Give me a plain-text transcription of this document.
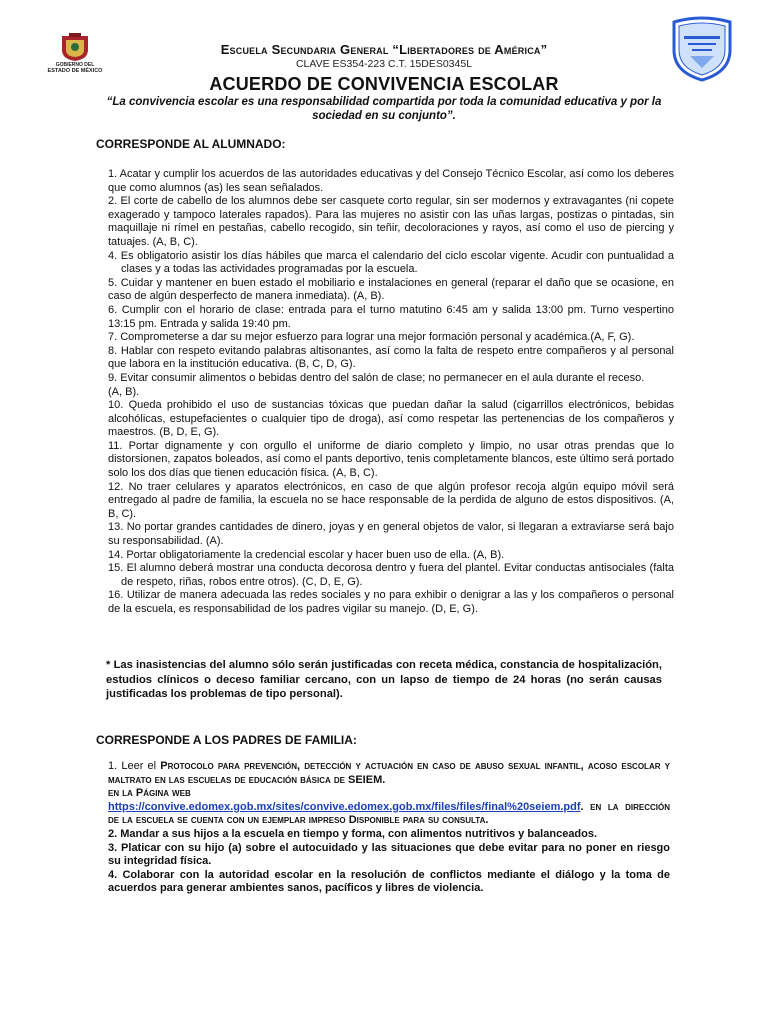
GOBIERNO DEL
ESTADO DE MÉXICO
Escuela Secundaria General “Libertadores de América”
CLAVE ES354-223 C.T. 15DES0345L
ACUERDO DE CONVIVENCIA ESCOLAR
“La convivencia escolar es una responsabilidad compartida por toda la comunidad educativa y por la sociedad en su conjunto”.
CORRESPONDE AL ALUMNADO:

1. Acatar y cumplir los acuerdos de las autoridades educativas y del Consejo Técnico Escolar, así como los deberes que como alumnos (as) les sean señalados.

2. El corte de cabello de los alumnos debe ser casquete corto regular, sin ser modernos y extravagantes (ni copete exagerado y tampoco laterales rapados). Para las mujeres no asistir con las uñas largas, postizas o pintadas, sin maquillaje ni rímel en pestañas, cabello recogido, sin teñir, decoloraciones y rayos, así como el uso de piercing y tatuajes. (A, B, C).

4. Es obligatorio asistir los días hábiles que marca el calendario del ciclo escolar vigente. Acudir con puntualidad a clases y a todas las actividades programadas por la escuela.

5. Cuidar y mantener en buen estado el mobiliario e instalaciones en general (reparar el daño que se ocasione, en caso de algún desperfecto de manera inmediata). (A, B).

6. Cumplir con el horario de clase: entrada para el turno matutino 6:45 am y salida 13:00 pm. Turno vespertino 13:15 pm. Entrada y salida 19:40 pm.

7. Comprometerse a dar su mejor esfuerzo para lograr una mejor formación personal y académica.(A, F, G).

8. Hablar con respeto evitando palabras altisonantes, así como la falta de respeto entre compañeros y al personal que labora en la institución educativa. (B, C, D, G).

9. Evitar consumir alimentos o bebidas dentro del salón de clase; no permanecer en el aula durante el receso.

(A, B).

10. Queda prohibido el uso de sustancias tóxicas que puedan dañar la salud (cigarrillos electrónicos, bebidas alcohólicas, estupefacientes o cualquier tipo de droga), así como respetar las pertenencias de los compañeros y maestros. (B, D, E, G).

11. Portar dignamente y con orgullo el uniforme de diario completo y limpio, no usar otras prendas que lo distorsionen, zapatos boleados, así como el pants deportivo, tenis completamente blancos, este último será portado solo los dos días que tienen educación física. (A, B, C).

12. No traer celulares y aparatos electrónicos, en caso de que algún profesor recoja algún equipo móvil será entregado al padre de familia, la escuela no se hace responsable de la perdida de alguno de estos dispositivos. (A, B, C).

13. No portar grandes cantidades de dinero, joyas y en general objetos de valor, si llegaran a extraviarse será bajo su responsabilidad. (A).

14. Portar obligatoriamente la credencial escolar y hacer buen uso de ella. (A, B).

15. El alumno deberá mostrar una conducta decorosa dentro y fuera del plantel. Evitar conductas antisociales (falta de respeto, riñas, robos entre otros). (C, D, E, G).

16. Utilizar de manera adecuada las redes sociales y no para exhibir o denigrar a las y los compañeros o personal de la escuela, es responsabilidad de los padres vigilar su manejo. (D, E, G).

* Las inasistencias del alumno sólo serán justificadas con receta médica, constancia de hospitalización, estudios clínicos o deceso familiar cercano, con un lapso de tiempo de 24 horas (no serán causas justificadas los problemas de tipo personal).
CORRESPONDE A LOS PADRES DE FAMILIA:

1. Leer el Protocolo para prevención, detección y actuación en caso de abuso sexual infantil, acoso escolar y maltrato en las escuelas de educación básica de SEIEM.
en la Página web
https://convive.edomex.gob.mx/sites/convive.edomex.gob.mx/files/files/final%20seiem.pdf. en la dirección de la escuela se cuenta con un ejemplar impreso Disponible para su consulta.

2. Mandar a sus hijos a la escuela en tiempo y forma, con alimentos nutritivos y balanceados.

3. Platicar con su hijo (a) sobre el autocuidado y las situaciones que debe evitar para no poner en riesgo su integridad física.

4. Colaborar con la autoridad escolar en la resolución de conflictos mediante el diálogo y la toma de acuerdos para generar ambientes sanos, pacíficos y libres de violencia.
